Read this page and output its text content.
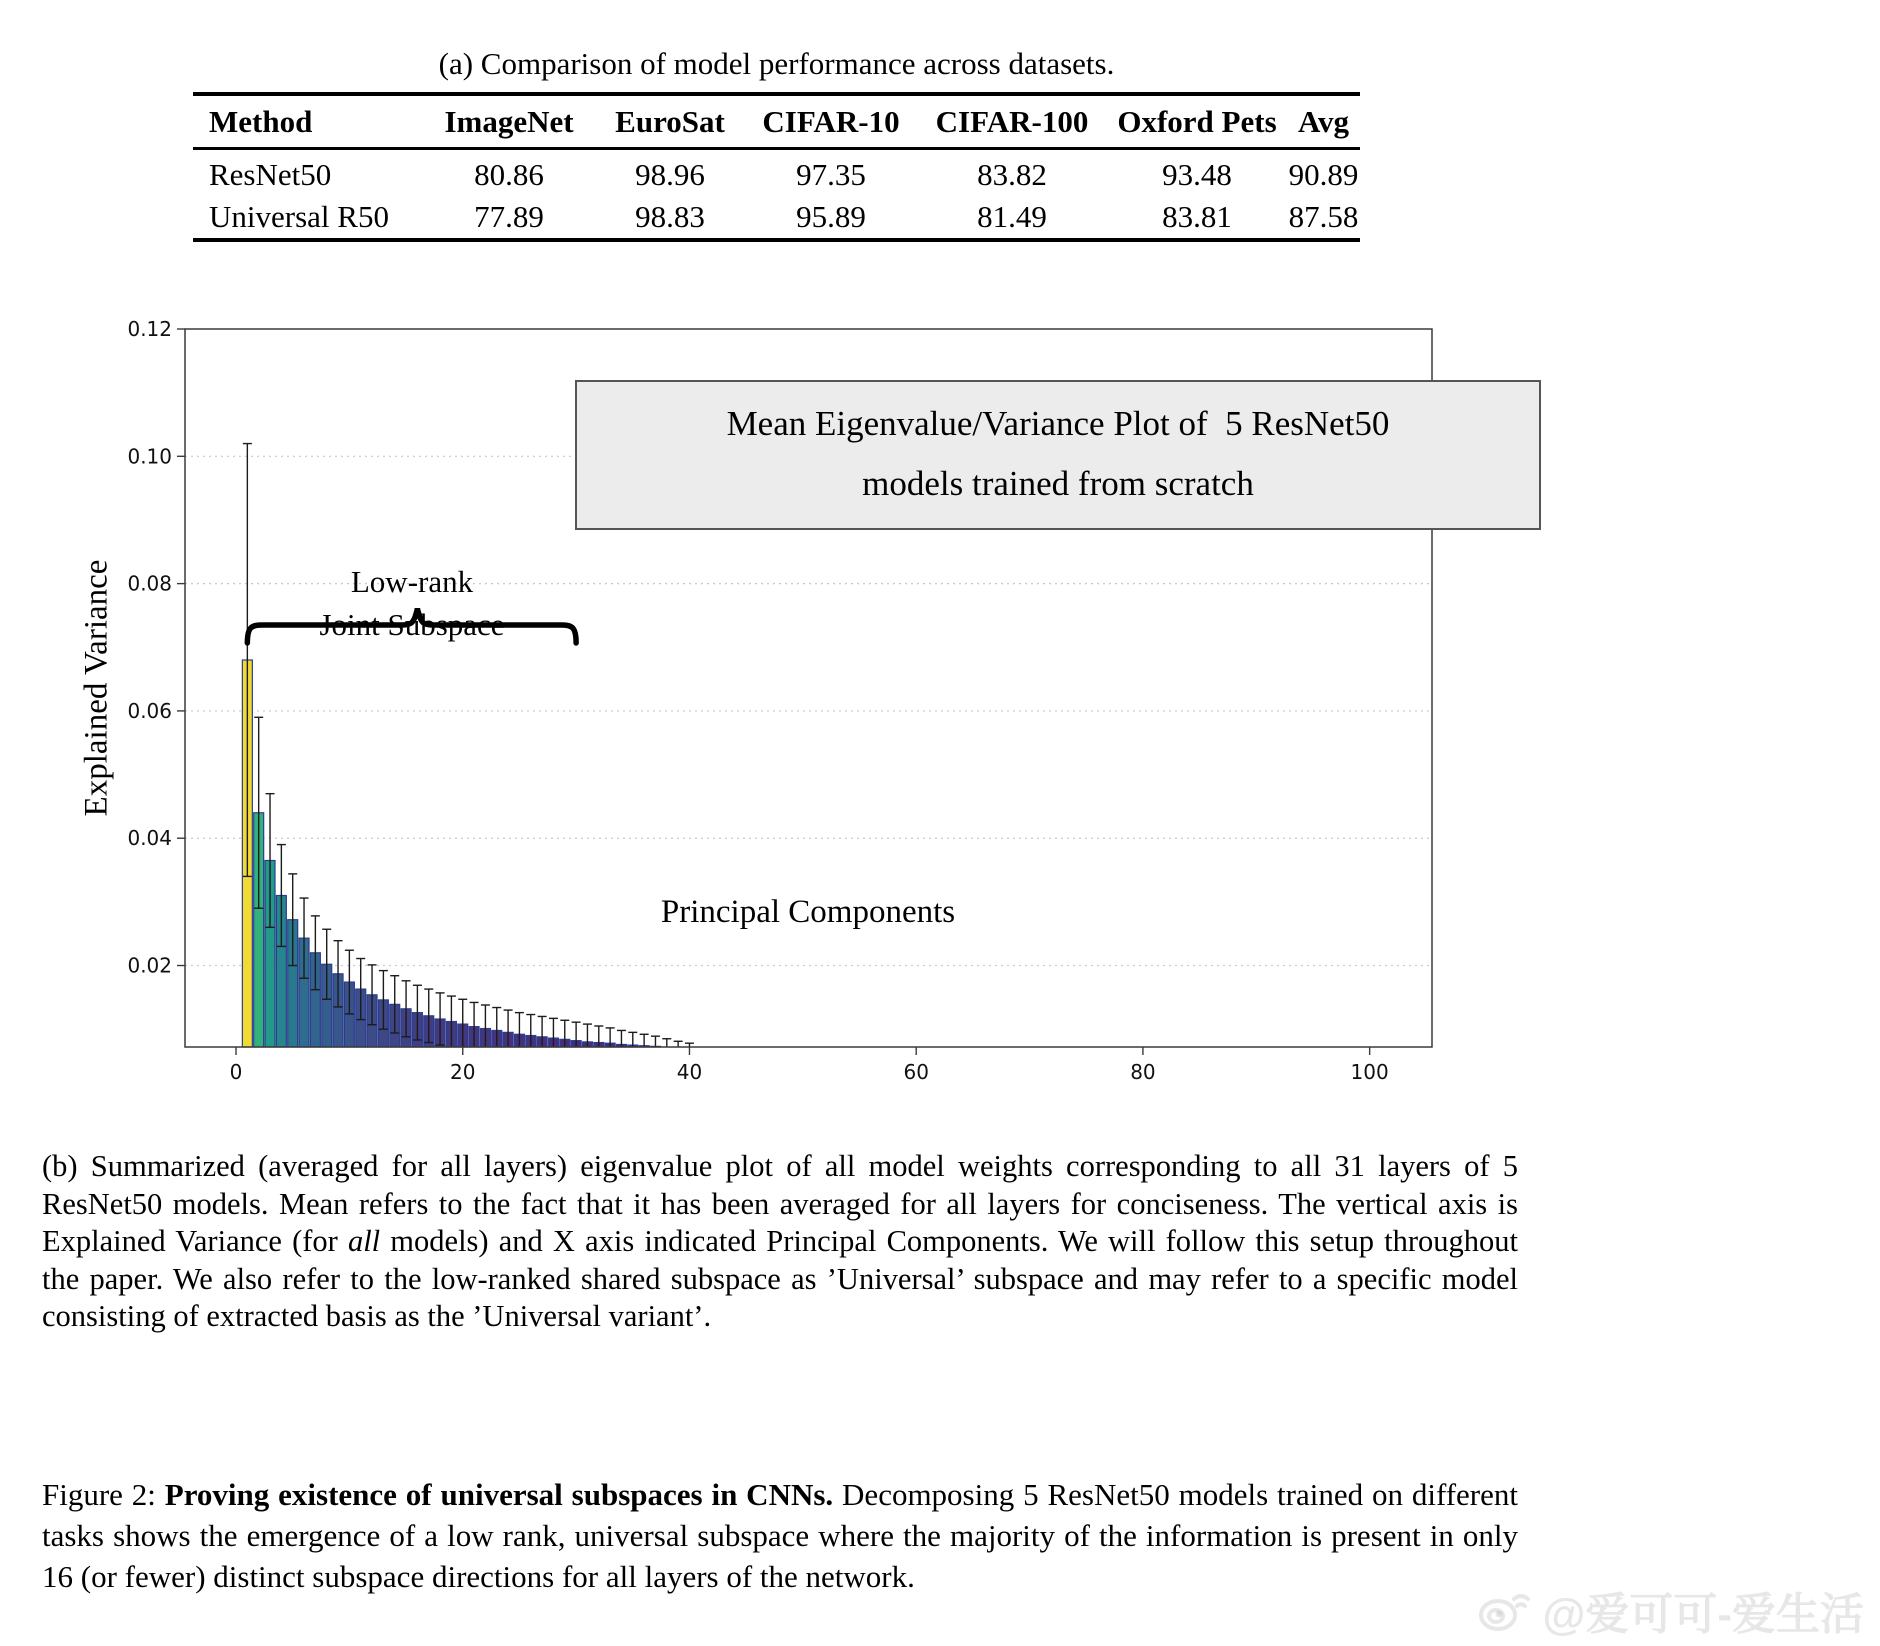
(a) Comparison of model performance across datasets.
Method	ImageNet	EuroSat	CIFAR-10	CIFAR-100	Oxford Pets	Avg
ResNet50	80.86	98.96	97.35	83.82	93.48	90.89
Universal R50	77.89	98.83	95.89	81.49	83.81	87.58
0.02
0.04
0.06
0.08
0.10
0.12
0	20	40	60	80	100
Low-rank
Joint Subspace
Principal Components
Mean Eigenvalue/Variance Plot of  5 ResNet50
models trained from scratch
Explained Variance
(b) Summarized (averaged for all layers) eigenvalue plot of all model weights corresponding to all 31 layers of 5 ResNet50 models. Mean refers to the fact that it has been averaged for all layers for conciseness. The vertical axis is Explained Variance (for all models) and X axis indicated Principal Components. We will follow this setup throughout the paper. We also refer to the low-ranked shared subspace as ’Universal’ subspace and may refer to a specific model consisting of extracted basis as the ’Universal variant’.
Figure 2: Proving existence of universal subspaces in CNNs. Decomposing 5 ResNet50 models trained on different tasks shows the emergence of a low rank, universal subspace where the majority of the information is present in only 16 (or fewer) distinct subspace directions for all layers of the network.
@爱可可-爱生活
